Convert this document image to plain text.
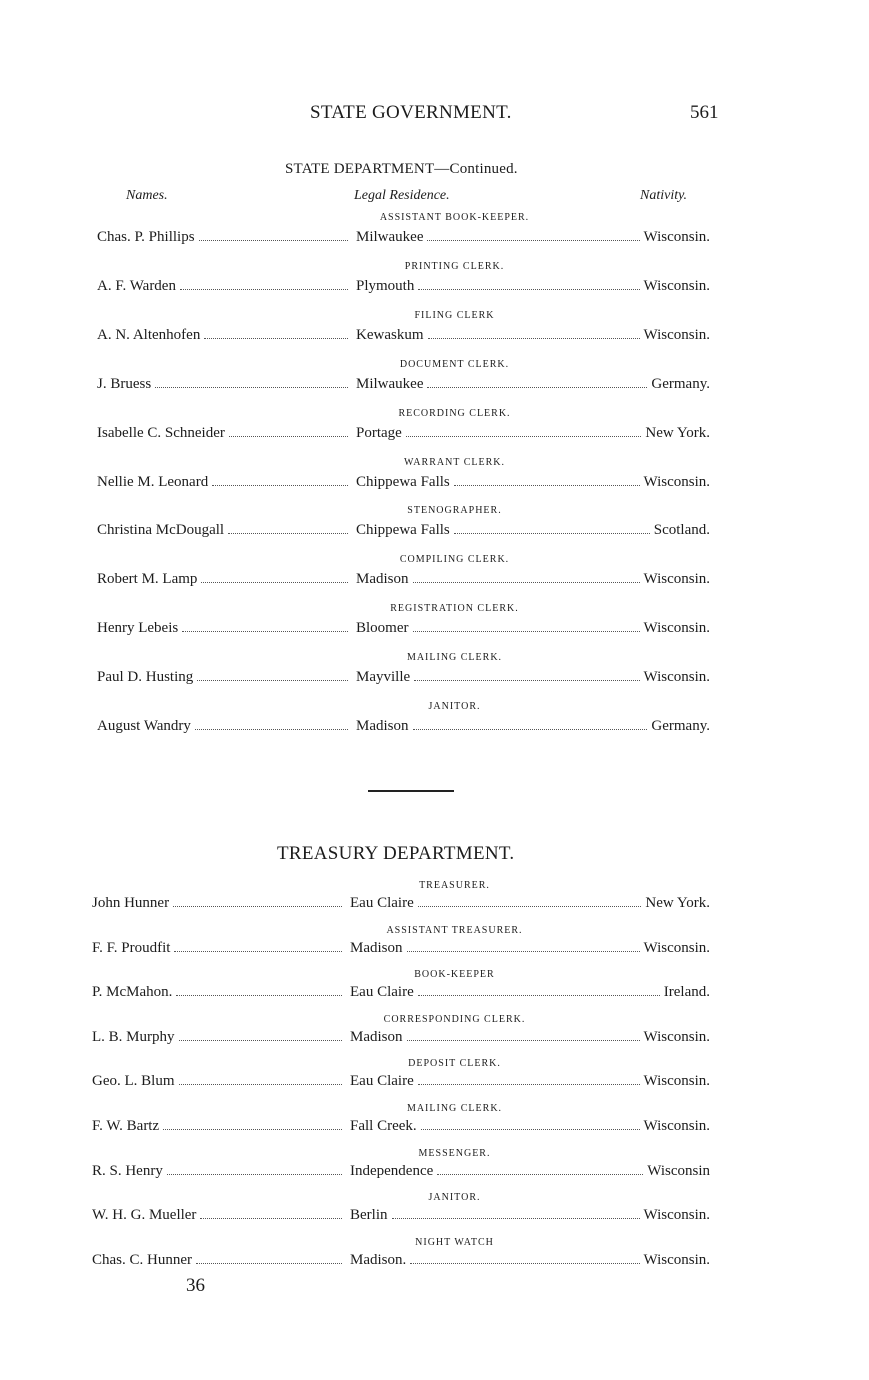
STATE GOVERNMENT.	561
STATE DEPARTMENT—Continued.
Names.	Legal Residence.	Nativity.
ASSISTANT BOOK-KEEPER.
Chas. P. Phillips	Milwaukee	Wisconsin.
PRINTING CLERK.
A. F. Warden	Plymouth	Wisconsin.
FILING CLERK
A. N. Altenhofen	Kewaskum	Wisconsin.
DOCUMENT CLERK.
J. Bruess	Milwaukee	Germany.
RECORDING CLERK.
Isabelle C. Schneider	Portage	New York.
WARRANT CLERK.
Nellie M. Leonard	Chippewa Falls	Wisconsin.
STENOGRAPHER.
Christina McDougall	Chippewa Falls	Scotland.
COMPILING CLERK.
Robert M. Lamp	Madison	Wisconsin.
REGISTRATION CLERK.
Henry Lebeis	Bloomer	Wisconsin.
MAILING CLERK.
Paul D. Husting	Mayville	Wisconsin.
JANITOR.
August Wandry	Madison	Germany.
TREASURY DEPARTMENT.
TREASURER.
John Hunner	Eau Claire	New York.
ASSISTANT TREASURER.
F. F. Proudfit	Madison	Wisconsin.
BOOK-KEEPER
P. McMahon.	Eau Claire	Ireland.
CORRESPONDING CLERK.
L. B. Murphy	Madison	Wisconsin.
DEPOSIT CLERK.
Geo. L. Blum	Eau Claire	Wisconsin.
MAILING CLERK.
F. W. Bartz	Fall Creek.	Wisconsin.
MESSENGER.
R. S. Henry	Independence	Wisconsin
JANITOR.
W. H. G. Mueller	Berlin	Wisconsin.
NIGHT WATCH
Chas. C. Hunner	Madison.	Wisconsin.
36
